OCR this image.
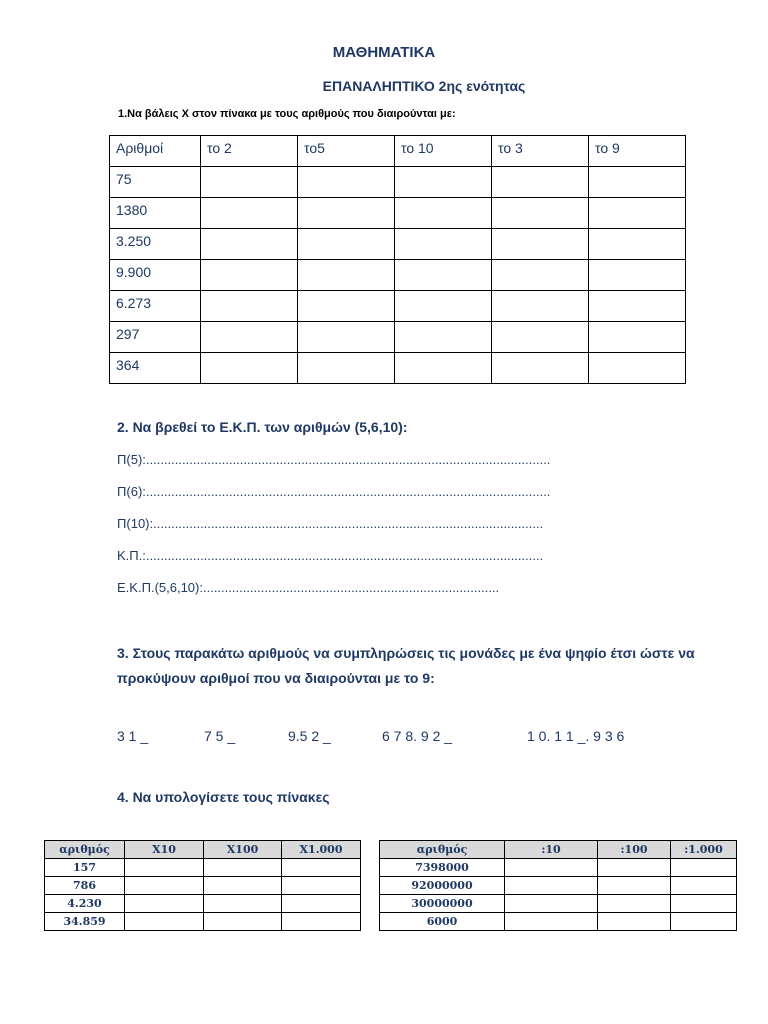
ΜΑΘΗΜΑΤΙΚΑ
ΕΠΑΝΑΛΗΠΤΙΚΟ 2ης ενότητας
1.Να βάλεις Χ στον πίνακα με τους αριθμούς που διαιρούνται με:
Αριθμοί	το 2	το5	το 10	το 3	το 9

75					

1380					

3.250					

9.900					

6.273					

297					

364					

2. Να βρεθεί το Ε.Κ.Π. των αριθμών (5,6,10):
Π(5):................................................................................................................
Π(6):................................................................................................................
Π(10):............................................................................................................
Κ.Π.:..............................................................................................................
Ε.Κ.Π.(5,6,10):..................................................................................
3. Στους παρακάτω αριθμούς να συμπληρώσεις τις μονάδες με ένα ψηφίο έτσι ώστε να προκύψουν αριθμοί που να διαιρούνται με το 9:
3 1 _	7 5 _	9.5 2 _	6 7 8. 9 2 _	1 0. 1 1 _. 9 3 6
4. Να υπολογίσετε τους πίνακες
αριθμός	Χ10	Χ100	Χ1.000
157			
786			
4.230			
34.859			
αριθμός	:10	:100	:1.000
7398000			
92000000			
30000000			
6000			
